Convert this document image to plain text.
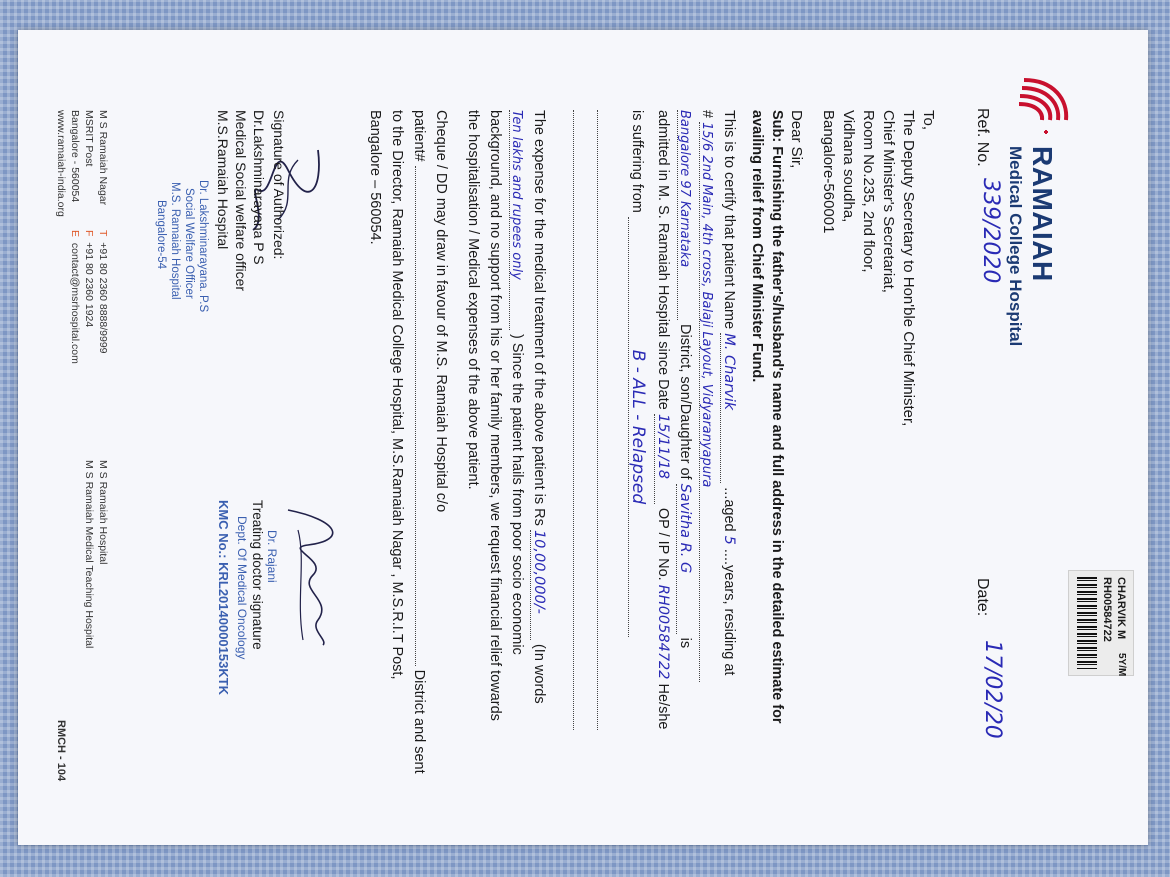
CHARVIK M
RH00584722
5Y/M
RAMAIAH
Medical College Hospital
Ref. No.
339/2020
Date:
17/02/20
To,
The Deputy Secretary to Hon'ble Chief Minister,
Chief Minister's Secretariat,
Room No.235, 2nd floor,
Vidhana soudha,
Bangalore-560001
Dear Sir,
Sub: Furnishing the father's/husband's name and full address in the detailed estimate for
availing relief from Chief Minister Fund.
This is to certify that patient Name M. Charvik ...aged 5 ....years, residing at
# 15/6 2nd Main, 4th cross, Balaji Layout, Vidyaranyapura
Bangalore 97 Karnataka District, son/Daughter of Savitha R. G is
admitted in M. S. Ramaiah Hospital since Date 15/11/18 OP / IP No. RH00584722 He/she
is suffering from B - ALL - Relapsed
The expense for the medical treatment of the above patient is Rs 10,00,000/- (In words
Ten lakhs and rupees only ) Since the patient hails from poor socio economic
background, and no support from his or her family members, we request financial relief towards
the hospitalisation / Medical expenses of the above patient.
Cheque / DD may draw in favour of M.S. Ramaiah Hospital c/o
patient#  District and sent
to the Director, Ramaiah Medical College Hospital, M.S.Ramaiah Nagar , M.S.R.I.T Post,
Bangalore – 560054.
Treating doctor signature Dr. Rajani
Dept. Of Medical Oncology
KMC No.: KRL20140000153KTK
Signature of Authorized:
Dr.Lakshminarayana P S
Medical Social welfare officer
M.S.Ramaiah Hospital
Dr. Lakshminarayana. P.S
Social Welfare Officer
M.S. Ramaiah Hospital
Bangalore-54
M S Ramaiah Nagar
MSRIT Post
Bangalore - 560054
www.ramaiah-india.org
T  +91 80 2360 8888/9999
F  +91 80 2360 1924
E  contact@msrhospital.com
M S Ramaiah Hospital
M S Ramaiah Medical Teaching Hospital
RMCH - 104
